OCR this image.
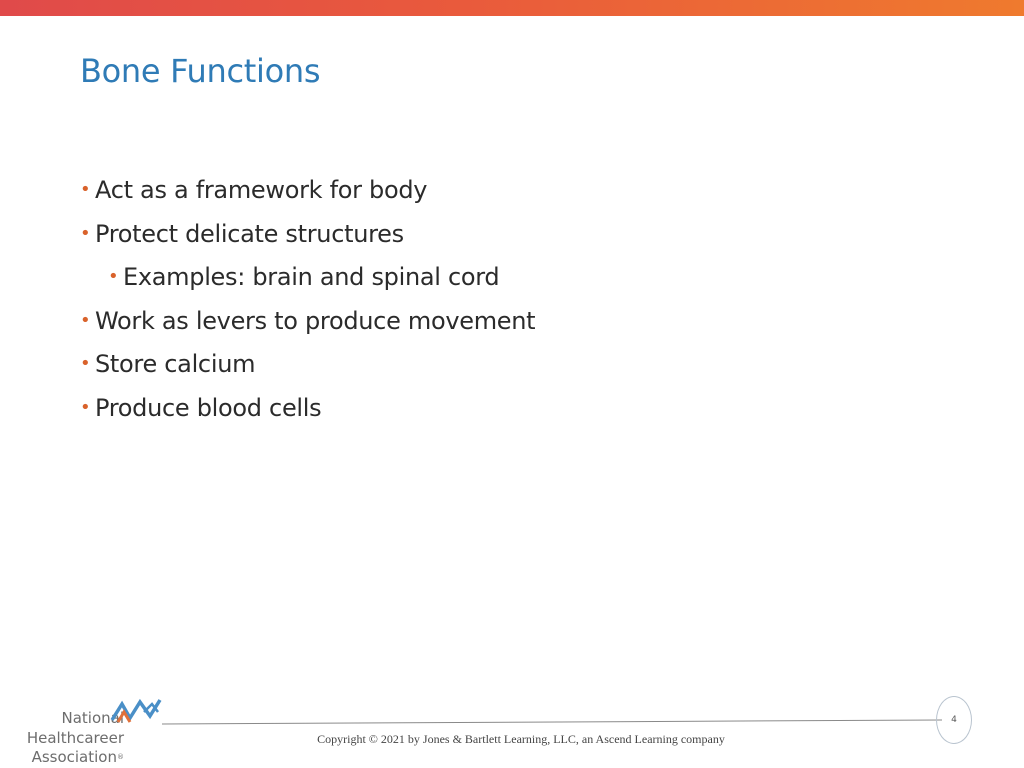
Bone Functions
• Act as a framework for body
• Protect delicate structures
• Examples: brain and spinal cord
• Work as levers to produce movement
• Store calcium
• Produce blood cells
National
Healthcareer
Association®
4
Copyright © 2021 by Jones & Bartlett Learning, LLC, an Ascend Learning company
